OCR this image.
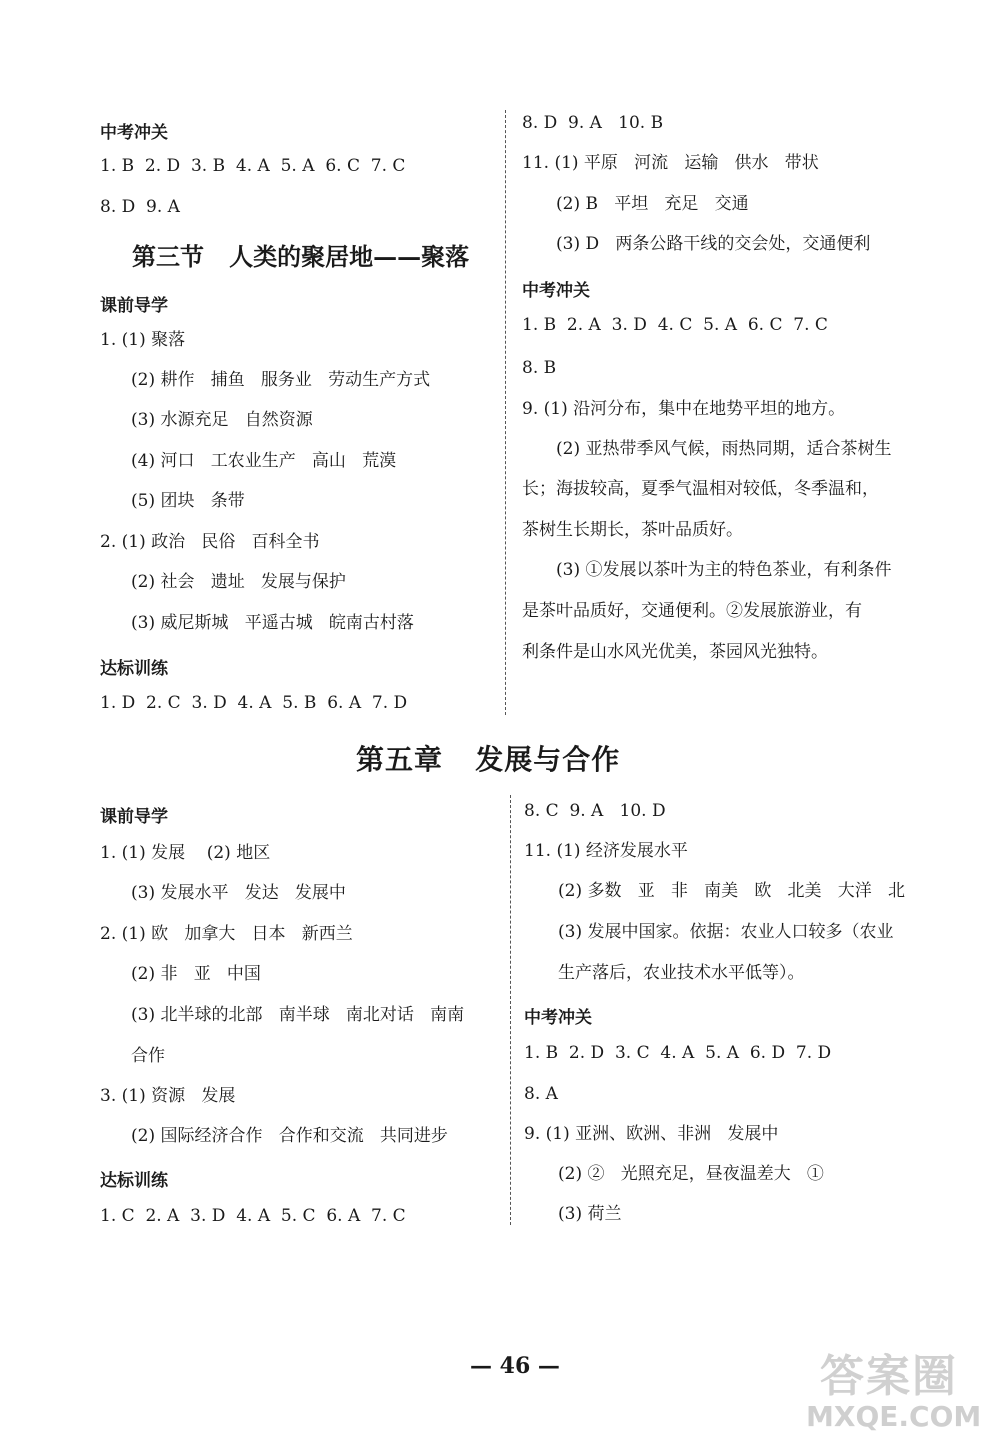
中考冲关
1. B  2. D  3. B  4. A  5. A  6. C  7. C
8. D  9. A
第三节   人类的聚居地——聚落
课前导学
1. (1) 聚落
(2) 耕作   捕鱼   服务业   劳动生产方式
(3) 水源充足   自然资源
(4) 河口   工农业生产   高山   荒漠
(5) 团块   条带
2. (1) 政治   民俗   百科全书
(2) 社会   遗址   发展与保护
(3) 威尼斯城   平遥古城   皖南古村落
达标训练
1. D  2. C  3. D  4. A  5. B  6. A  7. D
8. D  9. A   10. B
11. (1) 平原   河流   运输   供水   带状
(2) B   平坦   充足   交通
(3) D   两条公路干线的交会处，交通便利
中考冲关
1. B  2. A  3. D  4. C  5. A  6. C  7. C
8. B
9. (1) 沿河分布，集中在地势平坦的地方。
(2) 亚热带季风气候，雨热同期，适合茶树生
长；海拔较高，夏季气温相对较低，冬季温和，
茶树生长期长，茶叶品质好。
(3) ①发展以茶叶为主的特色茶业，有利条件
是茶叶品质好，交通便利。②发展旅游业，有
利条件是山水风光优美，茶园风光独特。
第五章   发展与合作
课前导学
1. (1) 发展    (2) 地区
(3) 发展水平   发达   发展中
2. (1) 欧   加拿大   日本   新西兰
(2) 非   亚   中国
(3) 北半球的北部   南半球   南北对话   南南
合作
3. (1) 资源   发展
(2) 国际经济合作   合作和交流   共同进步
达标训练
1. C  2. A  3. D  4. A  5. C  6. A  7. C
8. C  9. A   10. D
11. (1) 经济发展水平
(2) 多数   亚   非   南美   欧   北美   大洋   北
(3) 发展中国家。依据：农业人口较多（农业
生产落后，农业技术水平低等）。
中考冲关
1. B  2. D  3. C  4. A  5. A  6. D  7. D
8. A
9. (1) 亚洲、欧洲、非洲   发展中
(2) ②   光照充足，昼夜温差大   ①
(3) 荷兰
— 46 —	答案圈
MXQE.COM
